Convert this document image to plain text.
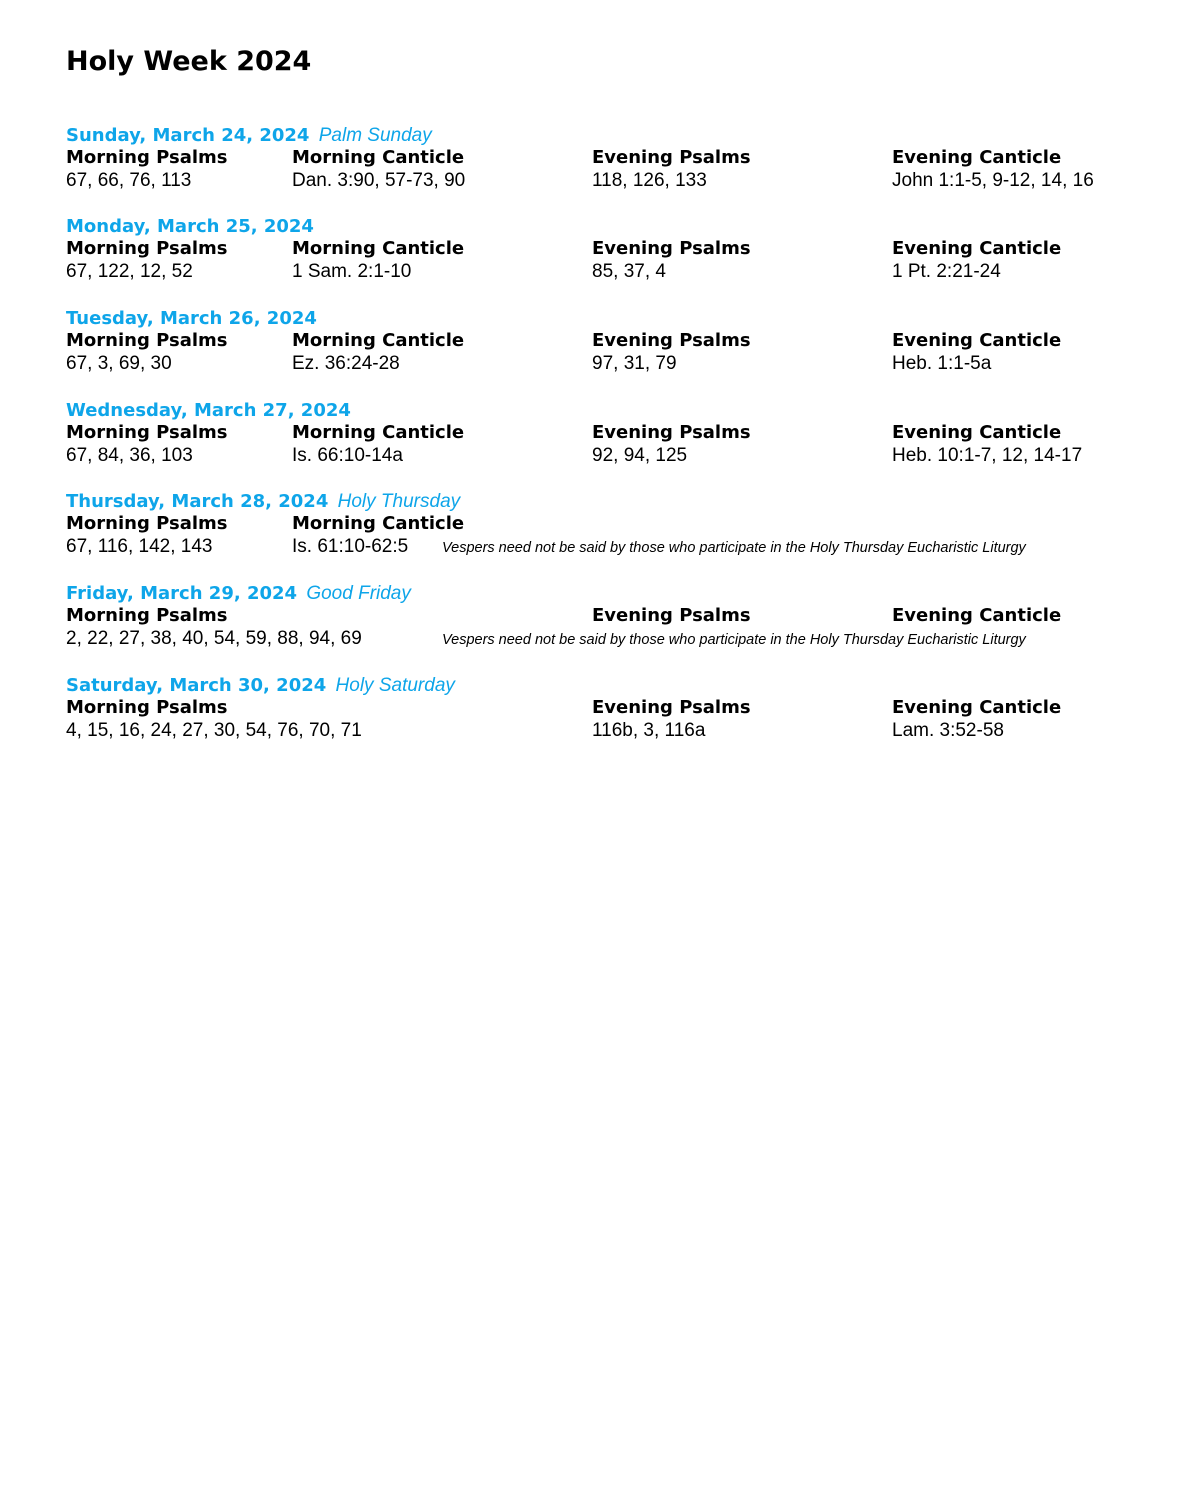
Holy Week 2024
Sunday, March 24, 2024 Palm Sunday
Morning Psalms
67, 66, 76, 113
Morning Canticle
Dan. 3:90, 57-73, 90
Evening Psalms
118, 126, 133
Evening Canticle
John 1:1-5, 9-12, 14, 16
Monday, March 25, 2024
Morning Psalms
67, 122, 12, 52
Morning Canticle
1 Sam. 2:1-10
Evening Psalms
85, 37, 4
Evening Canticle
1 Pt. 2:21-24
Tuesday, March 26, 2024
Morning Psalms
67, 3, 69, 30
Morning Canticle
Ez. 36:24-28
Evening Psalms
97, 31, 79
Evening Canticle
Heb. 1:1-5a
Wednesday, March 27, 2024
Morning Psalms
67, 84, 36, 103
Morning Canticle
Is. 66:10-14a
Evening Psalms
92, 94, 125
Evening Canticle
Heb. 10:1-7, 12, 14-17
Thursday, March 28, 2024 Holy Thursday
Morning Psalms
67, 116, 142, 143
Morning Canticle
Is. 61:10-62:5 Vespers need not be said by those who participate in the Holy Thursday Eucharistic Liturgy
Friday, March 29, 2024 Good Friday
Morning Psalms
2, 22, 27, 38, 40, 54, 59, 88, 94, 69
Evening Psalms	Evening Canticle
Vespers need not be said by those who participate in the Holy Thursday Eucharistic Liturgy
Saturday, March 30, 2024 Holy Saturday
Morning Psalms
4, 15, 16, 24, 27, 30, 54, 76, 70, 71
Evening Psalms
116b, 3, 116a
Evening Canticle
Lam. 3:52-58
